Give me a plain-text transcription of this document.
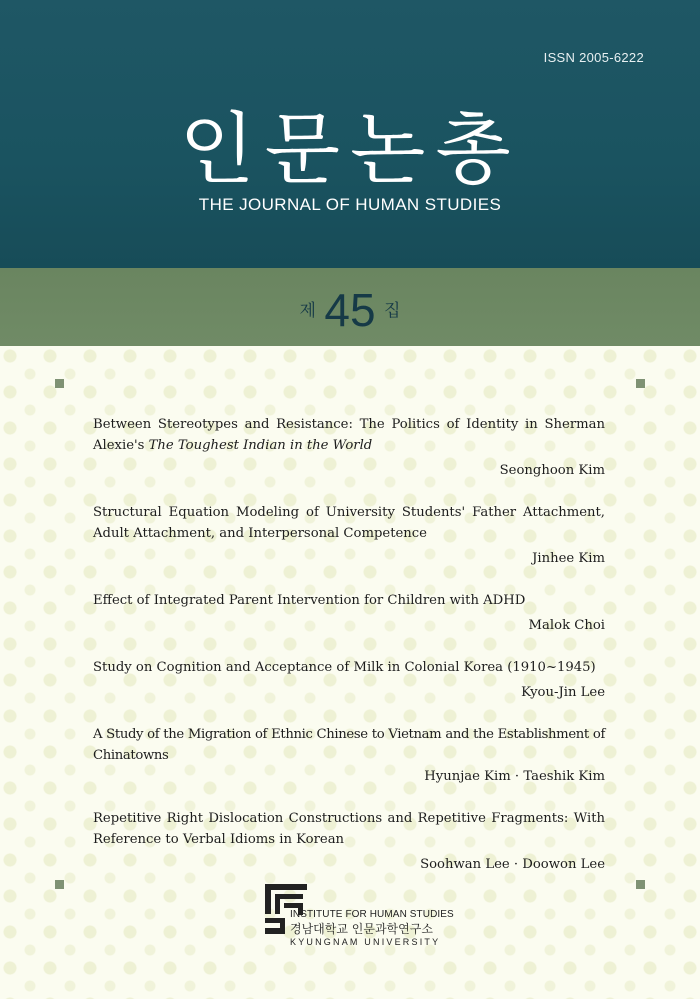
ISSN 2005-6222
인문논총
THE JOURNAL OF HUMAN STUDIES
제 45 집
Between Stereotypes and Resistance: The Politics of Identity in Sherman Alexie's The Toughest Indian in the World
Seonghoon Kim
Structural Equation Modeling of University Students' Father Attachment, Adult Attachment, and Interpersonal Competence
Jinhee Kim
Effect of Integrated Parent Intervention for Children with ADHD
Malok Choi
Study on Cognition and Acceptance of Milk in Colonial Korea (1910~1945)
Kyou-Jin Lee
A Study of the Migration of Ethnic Chinese to Vietnam and the Establishment of Chinatowns
Hyunjae Kim · Taeshik Kim
Repetitive Right Dislocation Constructions and Repetitive Fragments: With Reference to Verbal Idioms in Korean
Soohwan Lee · Doowon Lee
INSTITUTE FOR HUMAN STUDIES
경남대학교 인문과학연구소
KYUNGNAM UNIVERSITY
